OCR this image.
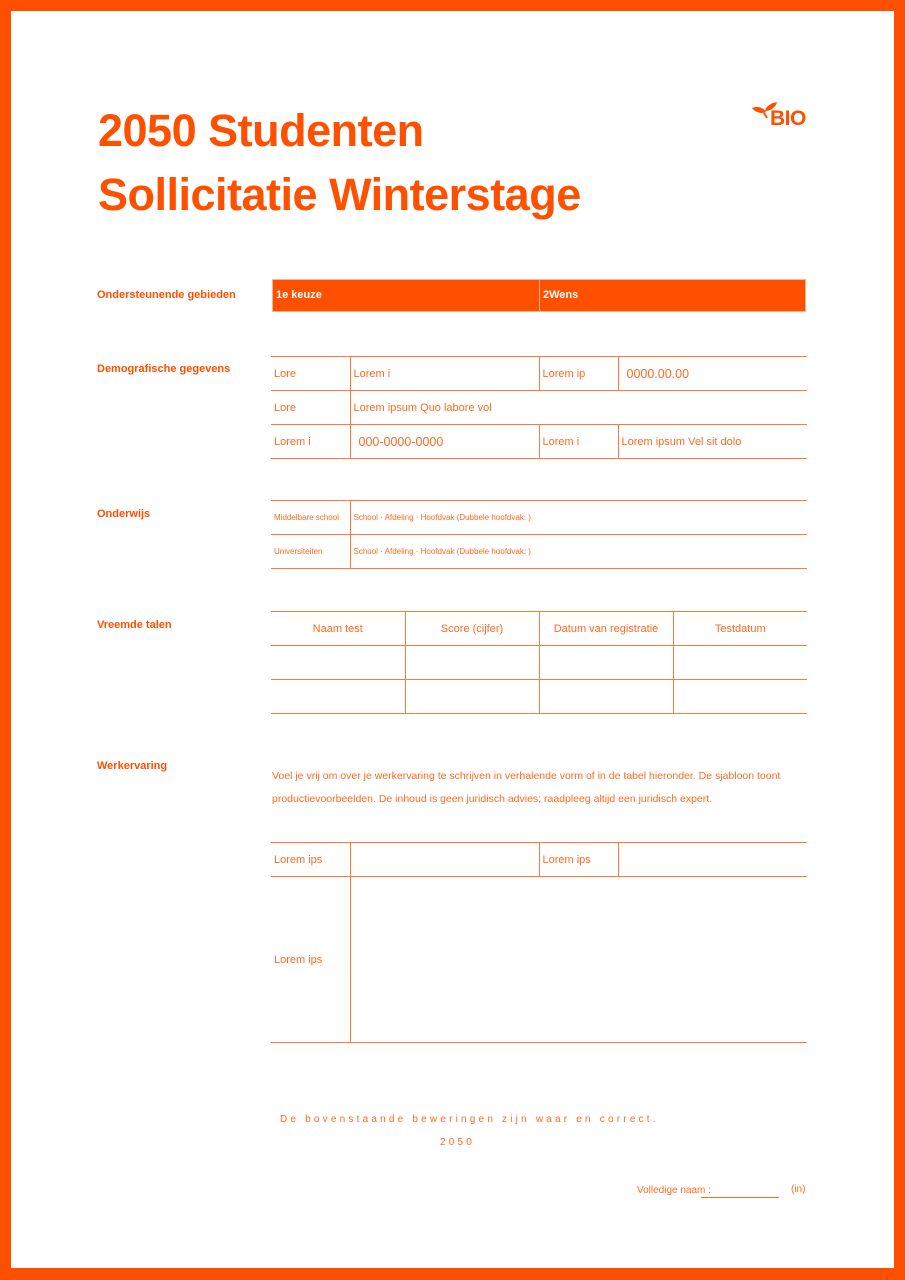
2050 Studenten
Sollicitatie Winterstage
BIO
Ondersteunende gebieden	1e keuze	2Wens
Demografische gegevens	Lore	Lorem i	Lorem ip	0000.00.00
Lore	Lorem ipsum Quo labore vol		
Lorem i	000-0000-0000	Lorem i	Lorem ipsum Vel sit dolo
Onderwijs	Middelbare school	School · Afdeling · Hoofdvak (Dubbele hoofdvak: )
Universiteiten	School · Afdeling · Hoofdvak (Dubbele hoofdvak: )
Vreemde talen	Naam test	Score (cijfer)	Datum van registratie	Testdatum

Werkervaring
Voel je vrij om over je werkervaring te schrijven in verhalende vorm of in de tabel hieronder. De sjabloon toont productievoorbeelden. De inhoud is geen juridisch advies; raadpleeg altijd een juridisch expert.
Lorem ips		Lorem ips	
Lorem ips			
De bovenstaande beweringen zijn waar en correct.
2050
Volledige naam :	(in)
